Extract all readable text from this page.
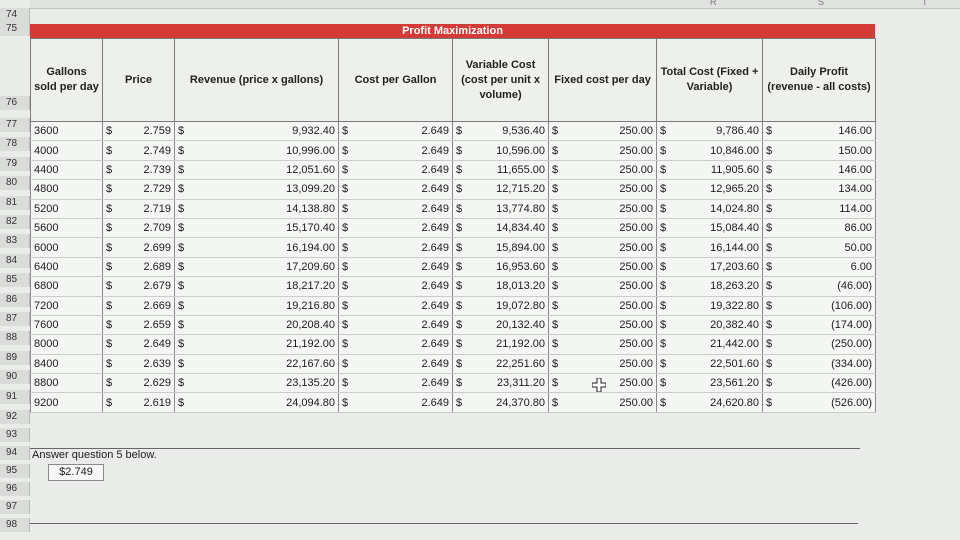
R	S	T
74
75
76
77
78
79
80
81
82
83
84
85
86
87
88
89
90
91
92
93
94
95
96
97
98
Profit Maximization
Gallons sold per day	Price		Revenue (price x gallons)		Cost per Gallon		Variable Cost (cost per unit x volume)		Fixed cost per day		Total Cost (Fixed + Variable)		Daily Profit (revenue - all costs)	
3600	$	2.759	$	9,932.40	$	2.649	$	9,536.40	$	250.00	$	9,786.40	$	146.00
4000	$	2.749	$	10,996.00	$	2.649	$	10,596.00	$	250.00	$	10,846.00	$	150.00
4400	$	2.739	$	12,051.60	$	2.649	$	11,655.00	$	250.00	$	11,905.60	$	146.00
4800	$	2.729	$	13,099.20	$	2.649	$	12,715.20	$	250.00	$	12,965.20	$	134.00
5200	$	2.719	$	14,138.80	$	2.649	$	13,774.80	$	250.00	$	14,024.80	$	114.00
5600	$	2.709	$	15,170.40	$	2.649	$	14,834.40	$	250.00	$	15,084.40	$	86.00
6000	$	2.699	$	16,194.00	$	2.649	$	15,894.00	$	250.00	$	16,144.00	$	50.00
6400	$	2.689	$	17,209.60	$	2.649	$	16,953.60	$	250.00	$	17,203.60	$	6.00
6800	$	2.679	$	18,217.20	$	2.649	$	18,013.20	$	250.00	$	18,263.20	$	(46.00)
7200	$	2.669	$	19,216.80	$	2.649	$	19,072.80	$	250.00	$	19,322.80	$	(106.00)
7600	$	2.659	$	20,208.40	$	2.649	$	20,132.40	$	250.00	$	20,382.40	$	(174.00)
8000	$	2.649	$	21,192.00	$	2.649	$	21,192.00	$	250.00	$	21,442.00	$	(250.00)
8400	$	2.639	$	22,167.60	$	2.649	$	22,251.60	$	250.00	$	22,501.60	$	(334.00)
8800	$	2.629	$	23,135.20	$	2.649	$	23,311.20	$	250.00	$	23,561.20	$	(426.00)
9200	$	2.619	$	24,094.80	$	2.649	$	24,370.80	$	250.00	$	24,620.80	$	(526.00)
Answer question 5 below.
$2.749
